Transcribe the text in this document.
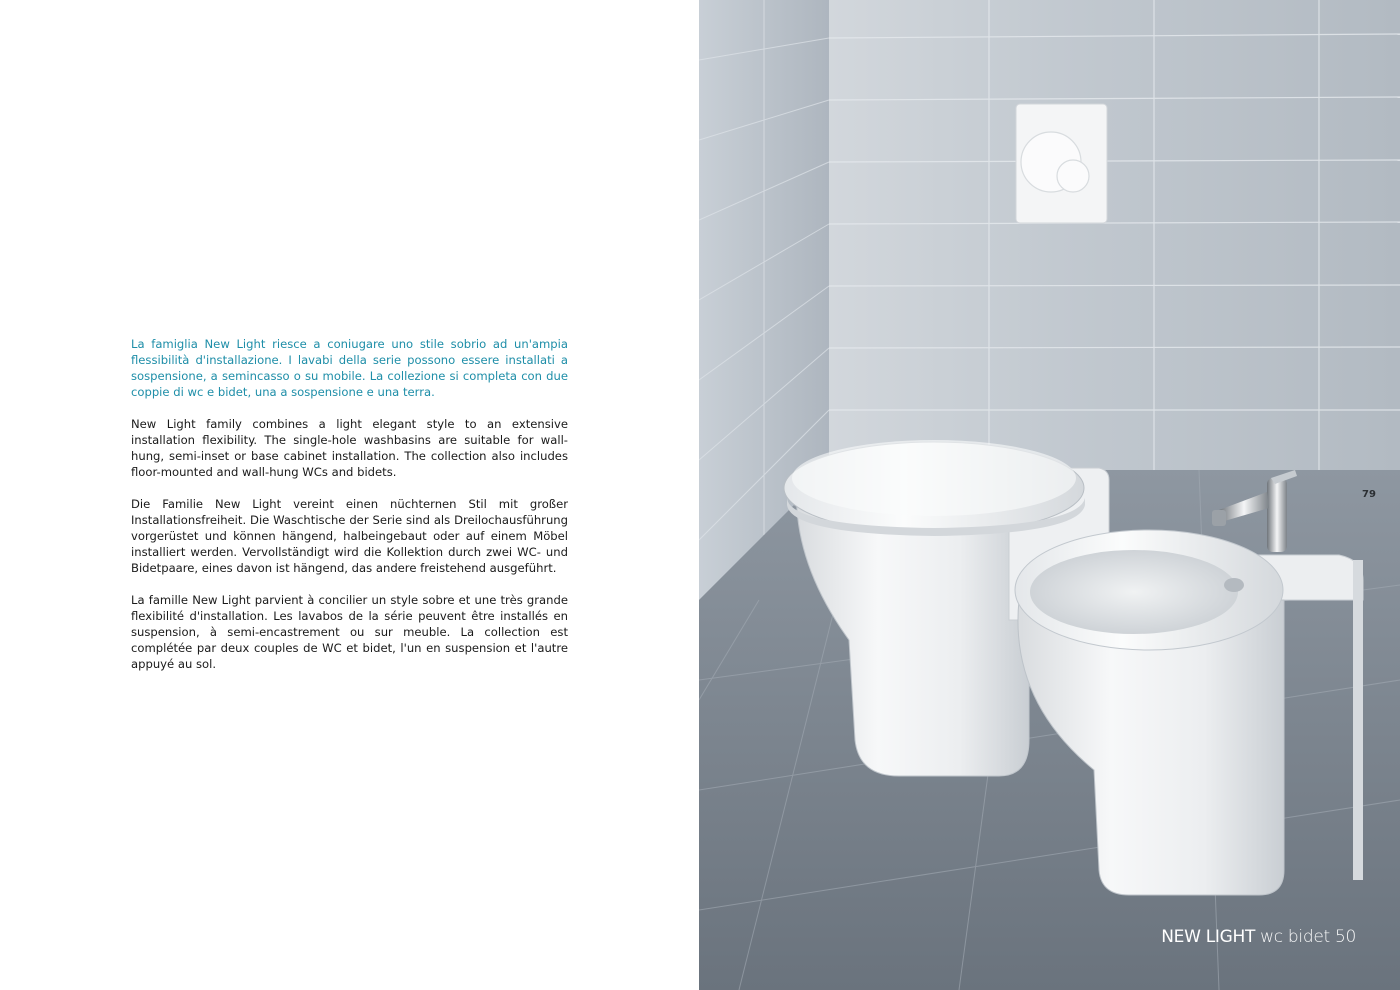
La famiglia New Light riesce a coniugare uno stile sobrio ad un'ampia flessibilità d'installazione. I lavabi della serie possono essere installati a sospensione, a semincasso o su mobile. La collezione si completa con due coppie di wc e bidet, una a sospensione e una terra.

New Light family combines a light elegant style to an extensive installation flexibility. The single-hole washbasins are suitable for wall-hung, semi-inset or base cabinet installation. The collection also includes floor-mounted and wall-hung WCs and bidets.

Die Familie New Light vereint einen nüchternen Stil mit großer Installationsfreiheit. Die Waschtische der Serie sind als Dreilochausführung vorgerüstet und können hängend, halbeingebaut oder auf einem Möbel installiert werden. Vervollständigt wird die Kollektion durch zwei WC- und Bidetpaare, eines davon ist hängend, das andere freistehend ausgeführt.

La famille New Light parvient à concilier un style sobre et une très grande flexibilité d'installation. Les lavabos de la série peuvent être installés en suspension, à semi-encastrement ou sur meuble. La collection est complétée par deux couples de WC et bidet, l'un en suspension et l'autre appuyé au sol.

79
NEW LIGHT wc bidet 50
